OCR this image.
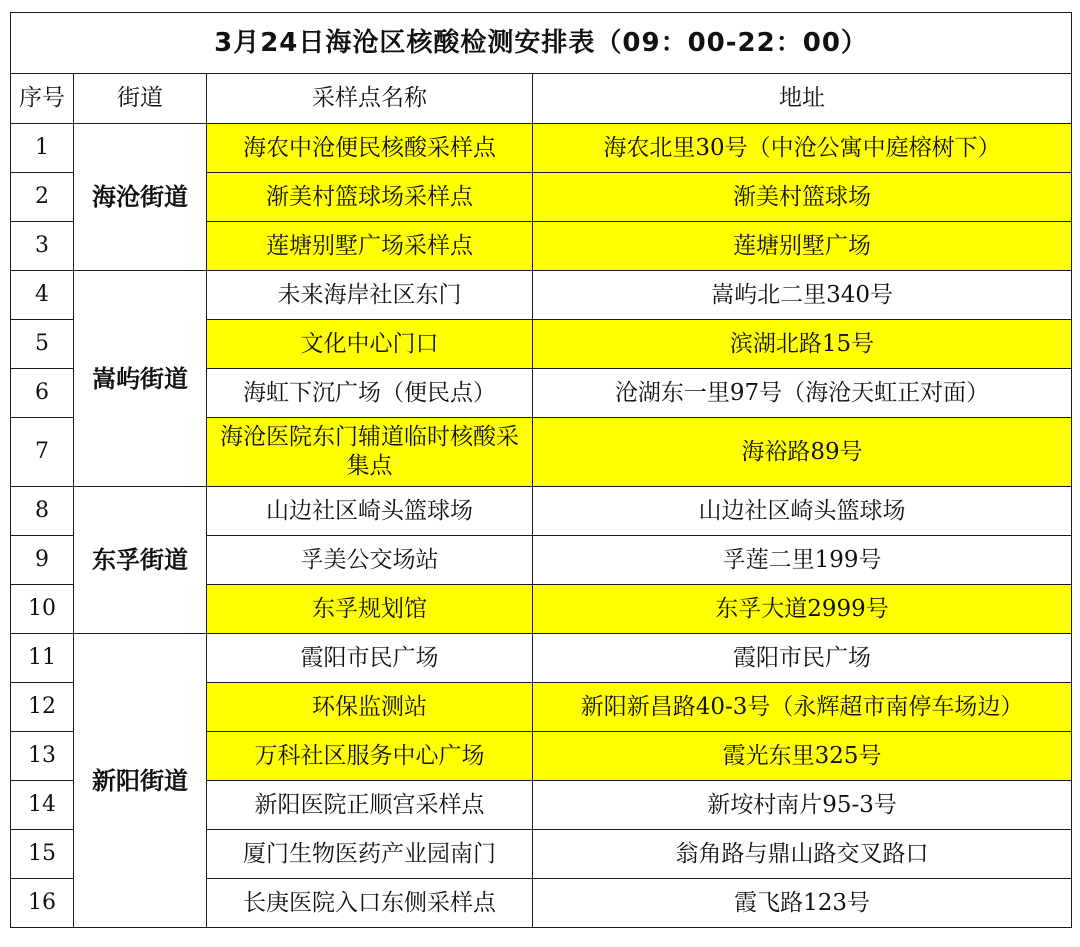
3月24日海沧区核酸检测安排表（09：00-22：00）			
序号	街道	采样点名称	地址
1	海沧街道	海农中沧便民核酸采样点	海农北里30号（中沧公寓中庭榕树下）
2		渐美村篮球场采样点	渐美村篮球场
3		莲塘别墅广场采样点	莲塘别墅广场
4	嵩屿街道	未来海岸社区东门	嵩屿北二里340号
5		文化中心门口	滨湖北路15号
6		海虹下沉广场（便民点）	沧湖东一里97号（海沧天虹正对面）
7		海沧医院东门辅道临时核酸采集点	海裕路89号
8	东孚街道	山边社区崎头篮球场	山边社区崎头篮球场
9		孚美公交场站	孚莲二里199号
10		东孚规划馆	东孚大道2999号
11	新阳街道	霞阳市民广场	霞阳市民广场
12		环保监测站	新阳新昌路40-3号（永辉超市南停车场边）
13		万科社区服务中心广场	霞光东里325号
14		新阳医院正顺宫采样点	新垵村南片95-3号
15		厦门生物医药产业园南门	翁角路与鼎山路交叉路口
16		长庚医院入口东侧采样点	霞飞路123号
